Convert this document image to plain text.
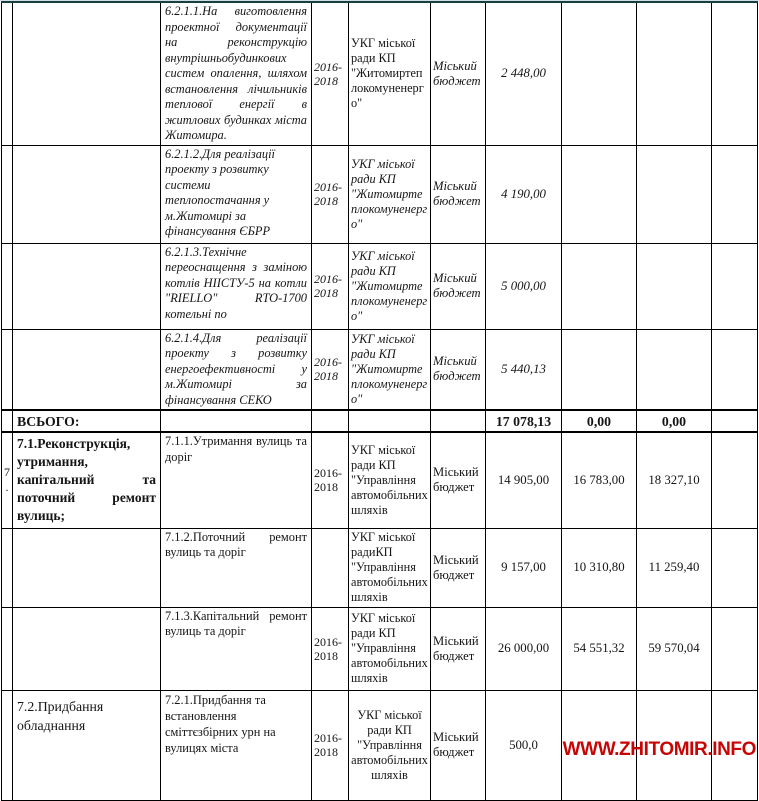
		6.2.1.1.На виготовлення проектної документації на реконструкцію внутрішньобудинкових систем опалення, шляхом встановлення лічильників теплової енергії в житлових будинках міста Житомира.	2016-2018	УКГ міської ради КП "Житомиртеплокомуненерго"	Міський бюджет	2 448,00			
		6.2.1.2.Для реалізації проекту з розвитку системи теплопостачання у м.Житомирі за фінансування ЄБРР	2016-2018	УКГ міської ради КП "Житомиртеплокомуненерго"	Міський бюджет	4 190,00			
		6.2.1.3.Технічне переоснащення з заміною котлів НІІСТУ-5 на котли "RIELLO" RTO-1700 котельні по	2016-2018	УКГ міської ради КП "Житомиртеплокомуненерго"	Міський бюджет	5 000,00			
		6.2.1.4.Для реалізації проекту з розвитку енергоефективності у м.Житомирі за фінансування СЕКО	2016-2018	УКГ міської ради КП "Житомиртеплокомуненерго"	Міський бюджет	5 440,13			
	ВСЬОГО:					17 078,13	0,00	0,00	
7.	7.1.Реконструкція, утримання, капітальний та поточний ремонт вулиць;	7.1.1.Утримання вулиць та доріг	2016-2018	УКГ міської ради КП "Управління автомобільних шляхів	Міський бюджет	14 905,00	16 783,00	18 327,10	
		7.1.2.Поточний ремонт вулиць та доріг		УКГ міської радиКП "Управління автомобільних шляхів	Міський бюджет	9 157,00	10 310,80	11 259,40	
		7.1.3.Капітальний ремонт вулиць та доріг	2016-2018	УКГ міської ради КП "Управління автомобільних шляхів	Міський бюджет	26 000,00	54 551,32	59 570,04	
	7.2.Придбання обладнання	7.2.1.Придбання та встановлення сміттєзбірних урн на вулицях міста	2016-2018	УКГ міської ради КП "Управління автомобільних шляхів	Міський бюджет	500,0			WWW.ZHITOMIR.INFO
